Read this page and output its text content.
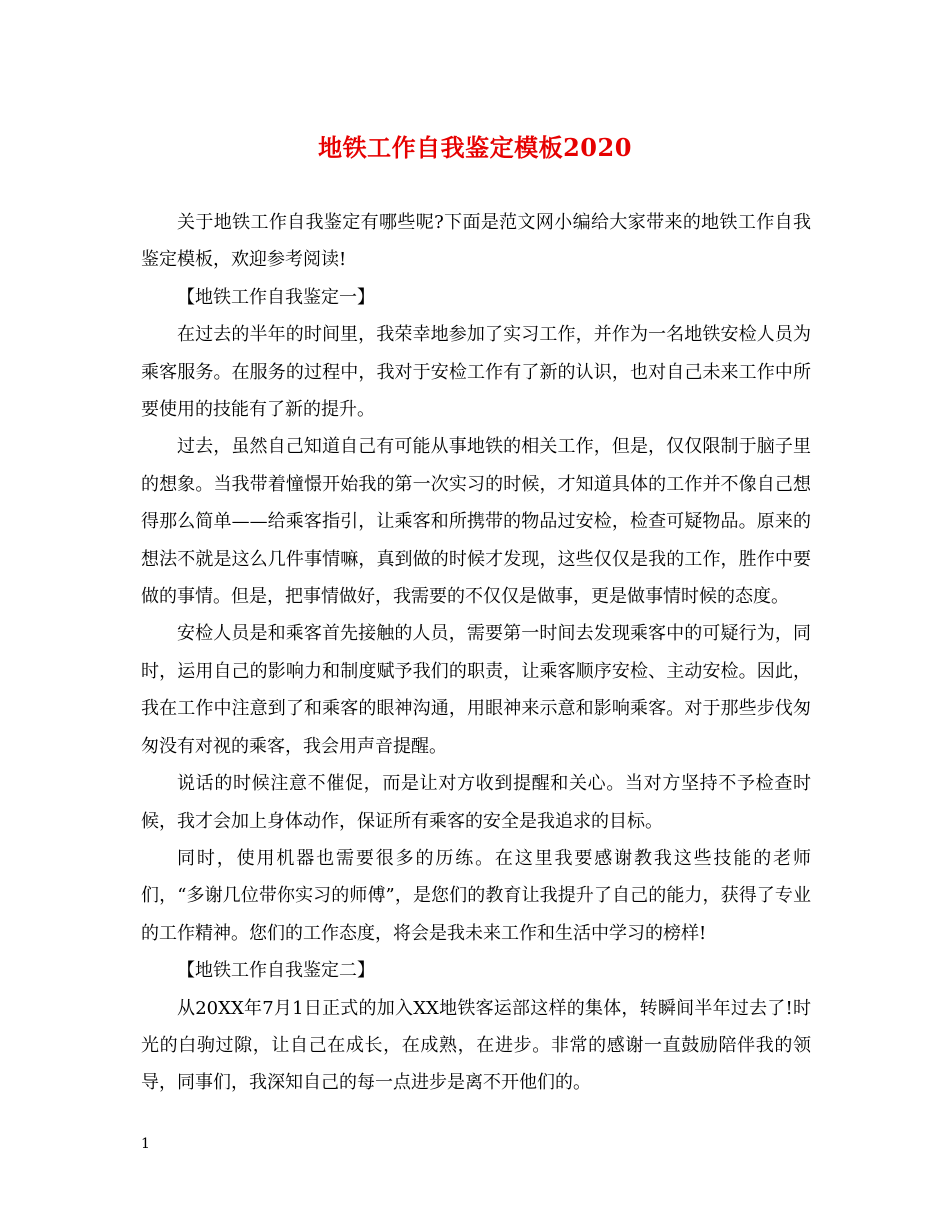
地铁工作自我鉴定模板2020

关于地铁工作自我鉴定有哪些呢?下面是范文网小编给大家带来的地铁工作自我鉴定模板，欢迎参考阅读!

【地铁工作自我鉴定一】

在过去的半年的时间里，我荣幸地参加了实习工作，并作为一名地铁安检人员为乘客服务。在服务的过程中，我对于安检工作有了新的认识，也对自己未来工作中所要使用的技能有了新的提升。

过去，虽然自己知道自己有可能从事地铁的相关工作，但是，仅仅限制于脑子里的想象。当我带着憧憬开始我的第一次实习的时候，才知道具体的工作并不像自己想得那么简单——给乘客指引，让乘客和所携带的物品过安检，检查可疑物品。原来的想法不就是这么几件事情嘛，真到做的时候才发现，这些仅仅是我的工作，胜作中要做的事情。但是，把事情做好，我需要的不仅仅是做事，更是做事情时候的态度。

安检人员是和乘客首先接触的人员，需要第一时间去发现乘客中的可疑行为，同时，运用自己的影响力和制度赋予我们的职责，让乘客顺序安检、主动安检。因此，我在工作中注意到了和乘客的眼神沟通，用眼神来示意和影响乘客。对于那些步伐匆匆没有对视的乘客，我会用声音提醒。

说话的时候注意不催促，而是让对方收到提醒和关心。当对方坚持不予检查时候，我才会加上身体动作，保证所有乘客的安全是我追求的目标。

同时，使用机器也需要很多的历练。在这里我要感谢教我这些技能的老师们，“多谢几位带你实习的师傅”，是您们的教育让我提升了自己的能力，获得了专业的工作精神。您们的工作态度，将会是我未来工作和生活中学习的榜样!

【地铁工作自我鉴定二】

从20XX年7月1日正式的加入XX地铁客运部这样的集体，转瞬间半年过去了!时光的白驹过隙，让自己在成长，在成熟，在进步。非常的感谢一直鼓励陪伴我的领导，同事们，我深知自己的每一点进步是离不开他们的。

1
